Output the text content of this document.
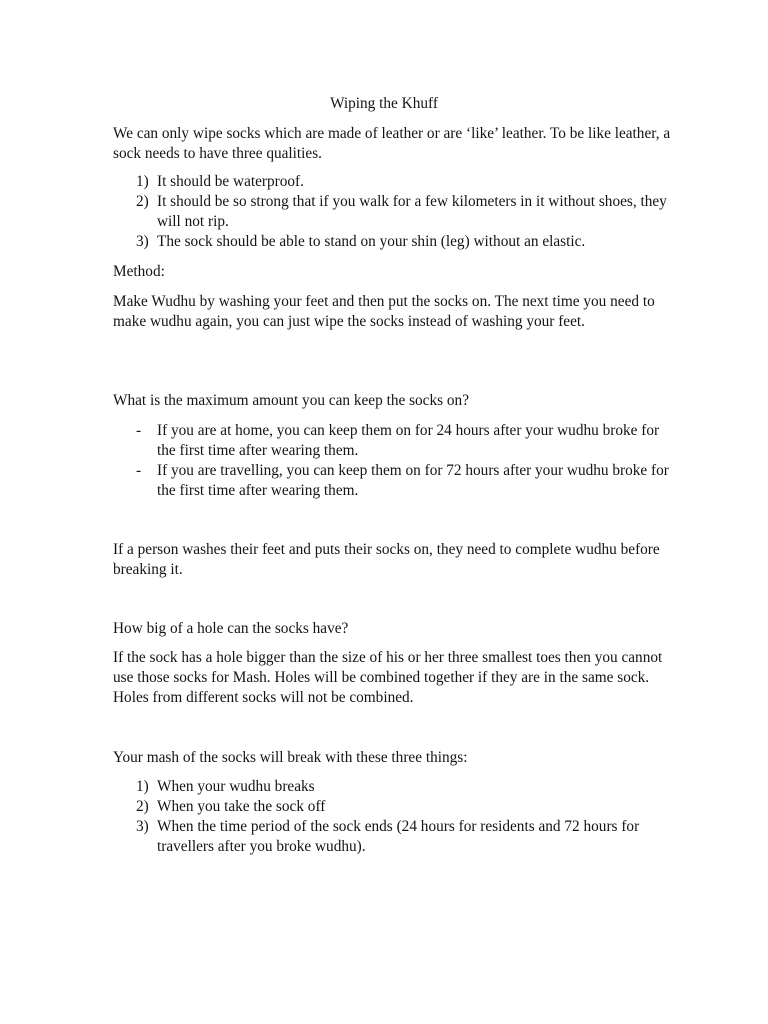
Wiping the Khuff

We can only wipe socks which are made of leather or are ‘like’ leather. To be like leather, a sock needs to have three qualities.

1) It should be waterproof.
2) It should be so strong that if you walk for a few kilometers in it without shoes, they will not rip.
3) The sock should be able to stand on your shin (leg) without an elastic.

Method:

Make Wudhu by washing your feet and then put the socks on. The next time you need to make wudhu again, you can just wipe the socks instead of washing your feet.

What is the maximum amount you can keep the socks on?

- If you are at home, you can keep them on for 24 hours after your wudhu broke for the first time after wearing them.
- If you are travelling, you can keep them on for 72 hours after your wudhu broke for the first time after wearing them.

If a person washes their feet and puts their socks on, they need to complete wudhu before breaking it.

How big of a hole can the socks have?

If the sock has a hole bigger than the size of his or her three smallest toes then you cannot use those socks for Mash. Holes will be combined together if they are in the same sock. Holes from different socks will not be combined.

Your mash of the socks will break with these three things:

1) When your wudhu breaks
2) When you take the sock off
3) When the time period of the sock ends (24 hours for residents and 72 hours for travellers after you broke wudhu).
